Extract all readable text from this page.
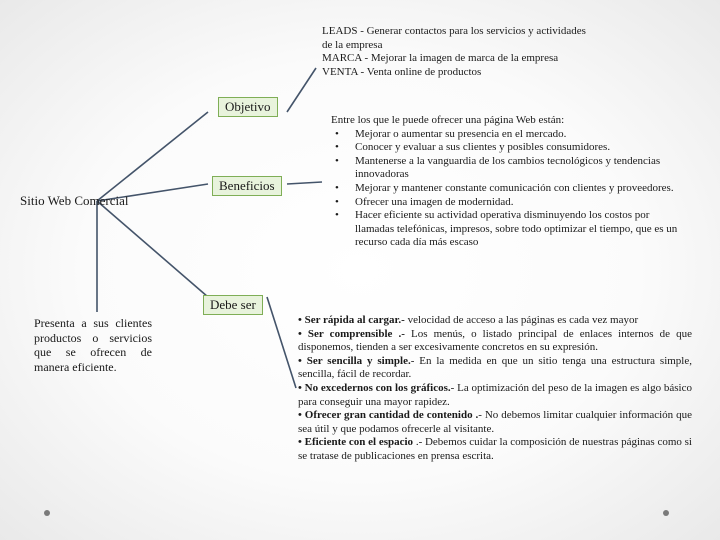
LEADS - Generar contactos para los servicios y actividades
de la empresa
MARCA - Mejorar la imagen de marca de la empresa
VENTA - Venta online de productos
Objetivo
Beneficios
Debe ser
Sitio Web Comercial
Presenta a sus clientes productos o servicios que se ofrecen de manera eficiente.
Entre los que le puede ofrecer una página Web están:
• Mejorar o aumentar su presencia en el mercado.
• Conocer y evaluar a sus clientes y posibles consumidores.
• Mantenerse a la vanguardia de los cambios tecnológicos y tendencias innovadoras
• Mejorar y mantener constante comunicación con clientes y proveedores.
• Ofrecer una imagen de modernidad.
• Hacer eficiente su actividad operativa disminuyendo los costos por llamadas telefónicas, impresos, sobre todo optimizar el tiempo, que es un recurso cada día más escaso

• Ser rápida al cargar.- velocidad de acceso a las páginas es cada vez mayor

• Ser comprensible .- Los menús, o listado principal de enlaces internos de que disponemos, tienden a ser excesivamente concretos en su expresión.

• Ser sencilla y simple.- En la medida en que un sitio tenga una estructura simple, sencilla, fácil de recordar.

• No excedernos con los gráficos.- La optimización del peso de la imagen es algo básico para conseguir una mayor rapidez.

• Ofrecer gran cantidad de contenido .- No debemos limitar cualquier información que sea útil y que podamos ofrecerle al visitante.

• Eficiente con el espacio .- Debemos cuidar la composición de nuestras páginas como si se tratase de publicaciones en prensa escrita.
